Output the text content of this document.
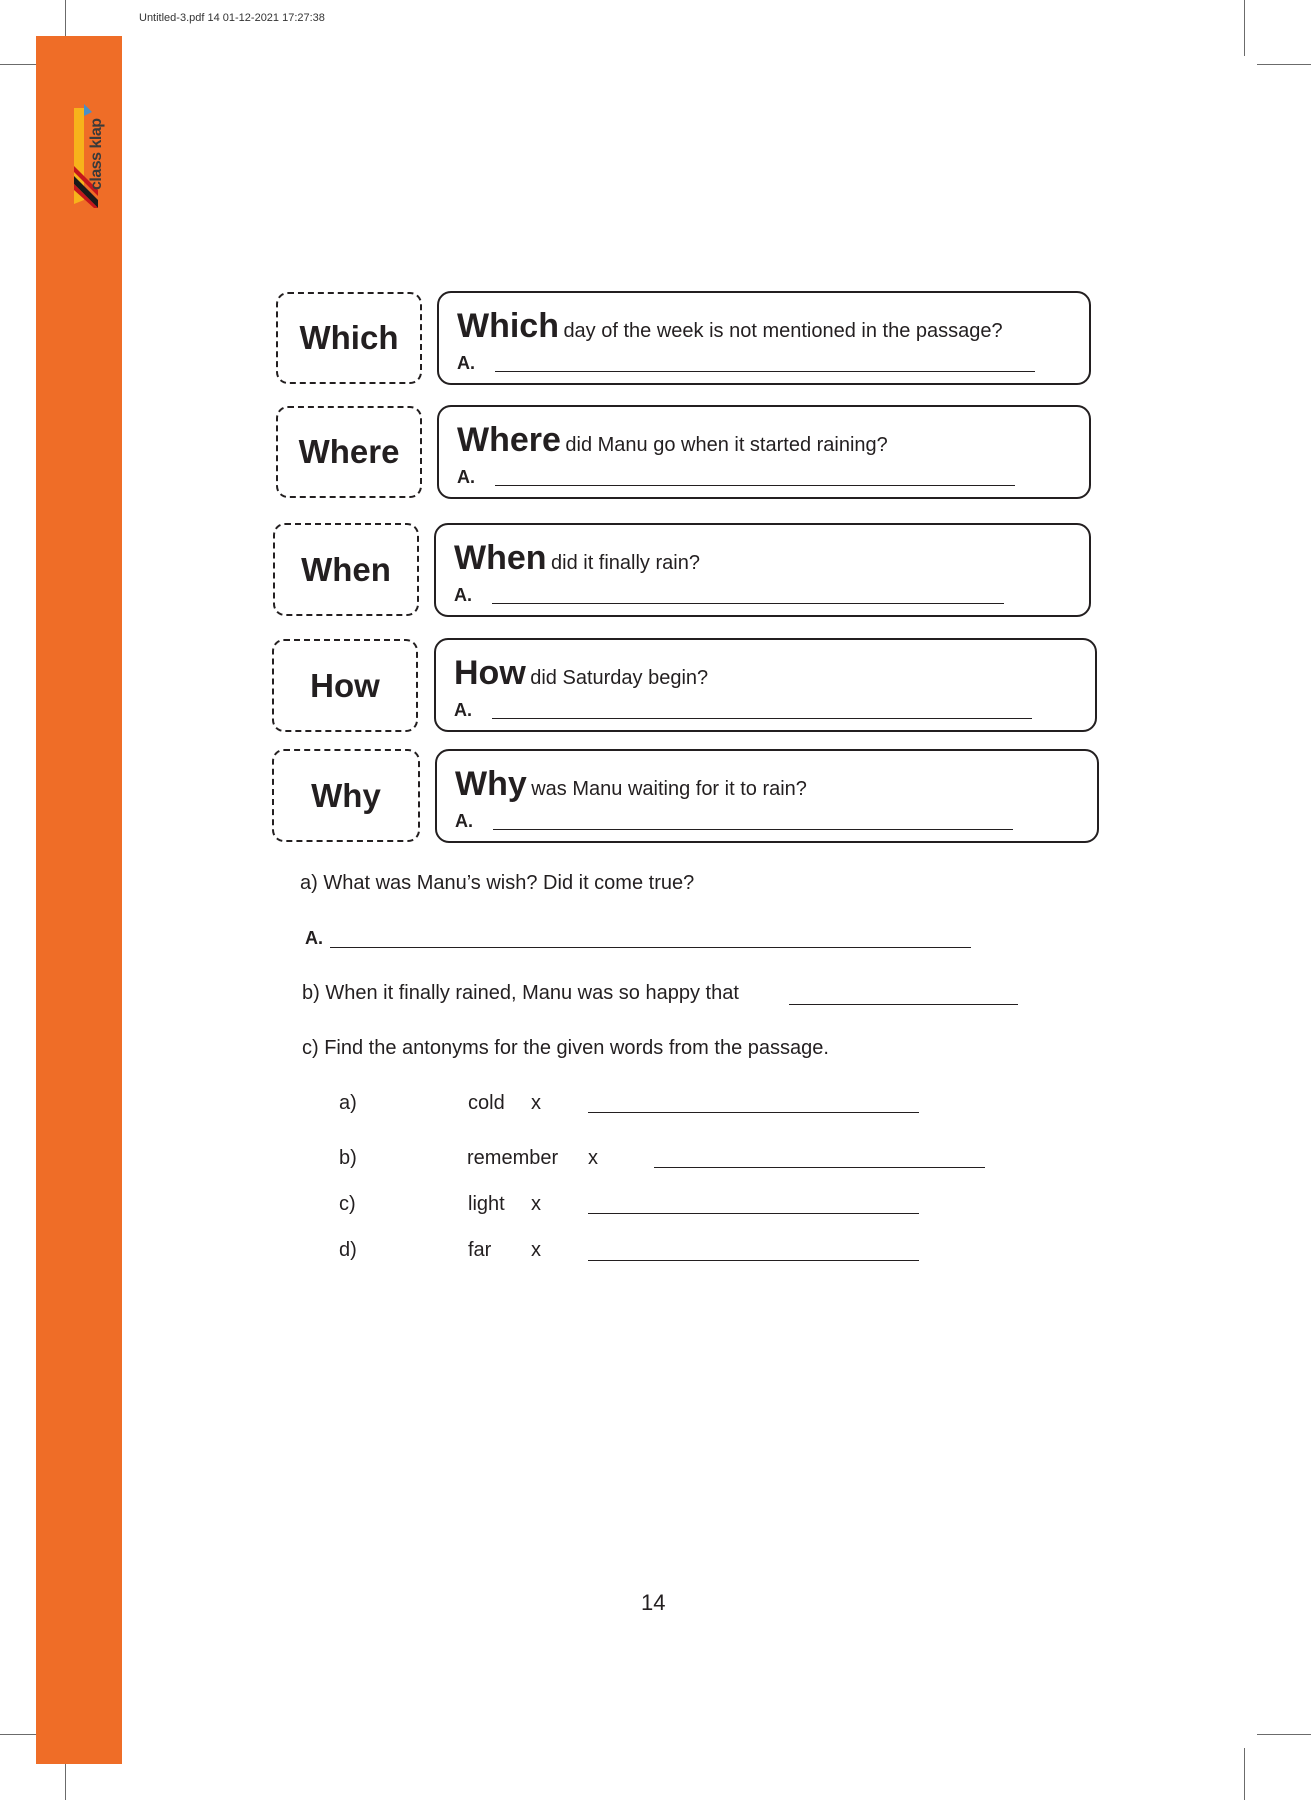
Untitled-3.pdf 14 01-12-2021 17:27:38
class klap
Which	Which day of the week is not mentioned in the passage?
A.
Where	Where did Manu go when it started raining?
A.
When	When did it finally rain?
A.
How	How did Saturday begin?
A.
Why	Why was Manu waiting for it to rain?
A.
a) What was Manu’s wish? Did it come true?
A.
b) When it finally rained, Manu was so happy that
c) Find the antonyms for the given words from the passage.
a)	cold x
b)	remember x
c)	light x
d)	far x
14
